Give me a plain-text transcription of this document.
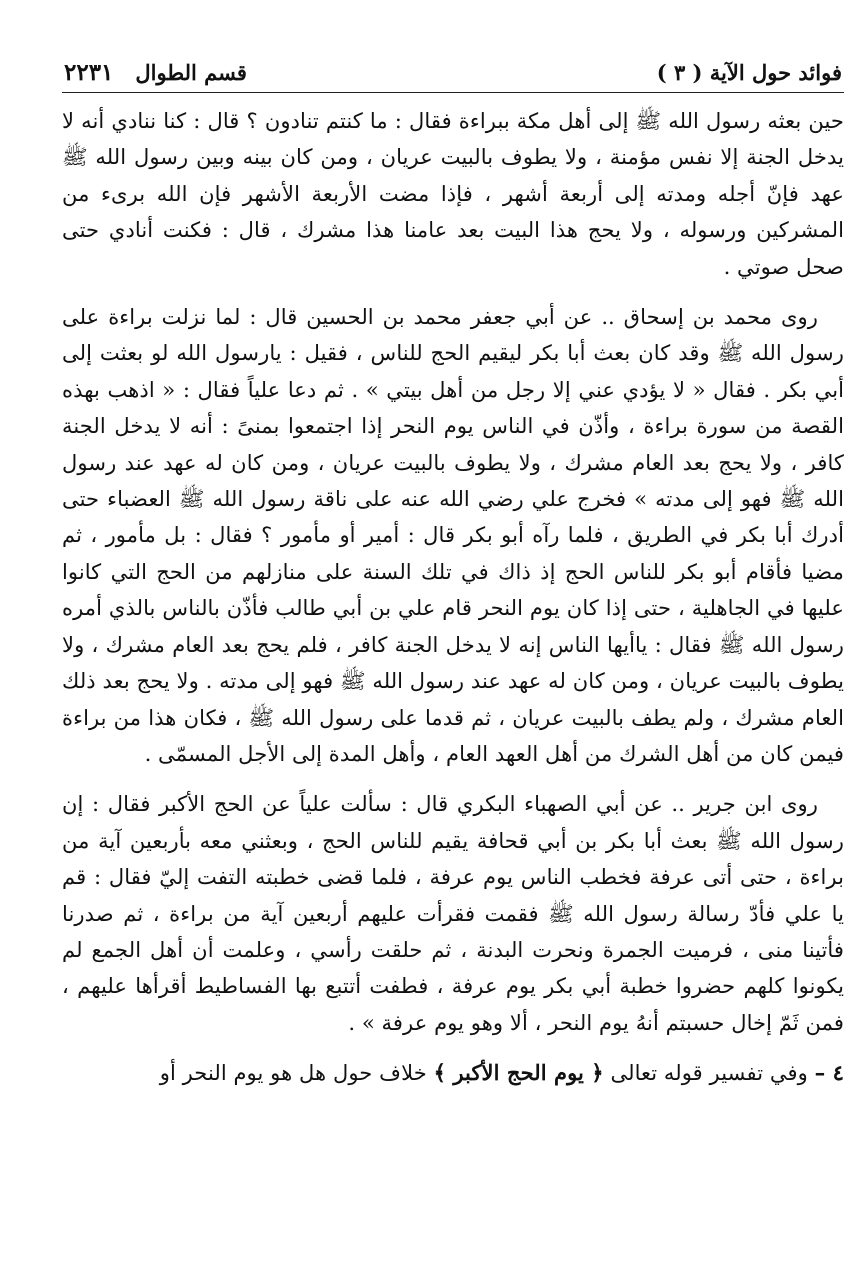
فوائد حول الآية ( ٣ )
قسم الطوال
٢٢٣١

حين بعثه رسول الله ﷺ إلى أهل مكة ببراءة فقال : ما كنتم تنادون ؟ قال : كنا ننادي أنه لا يدخل الجنة إلا نفس مؤمنة ، ولا يطوف بالبيت عريان ، ومن كان بينه وبين رسول الله ﷺ عهد فإنّ أجله ومدته إلى أربعة أشهر ، فإذا مضت الأربعة الأشهر فإن الله برىء من المشركين ورسوله ، ولا يحج هذا البيت بعد عامنا هذا مشرك ، قال : فكنت أنادي حتى صحل صوتي .

روى محمد بن إسحاق .. عن أبي جعفر محمد بن الحسين قال : لما نزلت براءة على رسول الله ﷺ وقد كان بعث أبا بكر ليقيم الحج للناس ، فقيل : يارسول الله لو بعثت إلى أبي بكر . فقال « لا يؤدي عني إلا رجل من أهل بيتي » . ثم دعا علياً فقال : « اذهب بهذه القصة من سورة براءة ، وأذّن في الناس يوم النحر إذا اجتمعوا بمنىً : أنه لا يدخل الجنة كافر ، ولا يحج بعد العام مشرك ، ولا يطوف بالبيت عريان ، ومن كان له عهد عند رسول الله ﷺ فهو إلى مدته » فخرج علي رضي الله عنه على ناقة رسول الله ﷺ العضباء حتى أدرك أبا بكر في الطريق ، فلما رآه أبو بكر قال : أمير أو مأمور ؟ فقال : بل مأمور ، ثم مضيا فأقام أبو بكر للناس الحج إذ ذاك في تلك السنة على منازلهم من الحج التي كانوا عليها في الجاهلية ، حتى إذا كان يوم النحر قام علي بن أبي طالب فأذّن بالناس بالذي أمره رسول الله ﷺ فقال : ياأيها الناس إنه لا يدخل الجنة كافر ، فلم يحج بعد العام مشرك ، ولا يطوف بالبيت عريان ، ومن كان له عهد عند رسول الله ﷺ فهو إلى مدته . ولا يحج بعد ذلك العام مشرك ، ولم يطف بالبيت عريان ، ثم قدما على رسول الله ﷺ ، فكان هذا من براءة فيمن كان من أهل الشرك من أهل العهد العام ، وأهل المدة إلى الأجل المسمّى .

روى ابن جرير .. عن أبي الصهباء البكري قال : سألت علياً عن الحج الأكبر فقال : إن رسول الله ﷺ بعث أبا بكر بن أبي قحافة يقيم للناس الحج ، وبعثني معه بأربعين آية من براءة ، حتى أتى عرفة فخطب الناس يوم عرفة ، فلما قضى خطبته التفت إليّ فقال : قم يا علي فأدّ رسالة رسول الله ﷺ فقمت فقرأت عليهم أربعين آية من براءة ، ثم صدرنا فأتينا منى ، فرميت الجمرة ونحرت البدنة ، ثم حلقت رأسي ، وعلمت أن أهل الجمع لم يكونوا كلهم حضروا خطبة أبي بكر يوم عرفة ، فطفت أتتبع بها الفساطيط أقرأها عليهم ، فمن ثَمّ إخال حسبتم أنهُ يوم النحر ، ألا وهو يوم عرفة » .

٤ – وفي تفسير قوله تعالى ﴿ يوم الحج الأكبر ﴾ خلاف حول هل هو يوم النحر أو
